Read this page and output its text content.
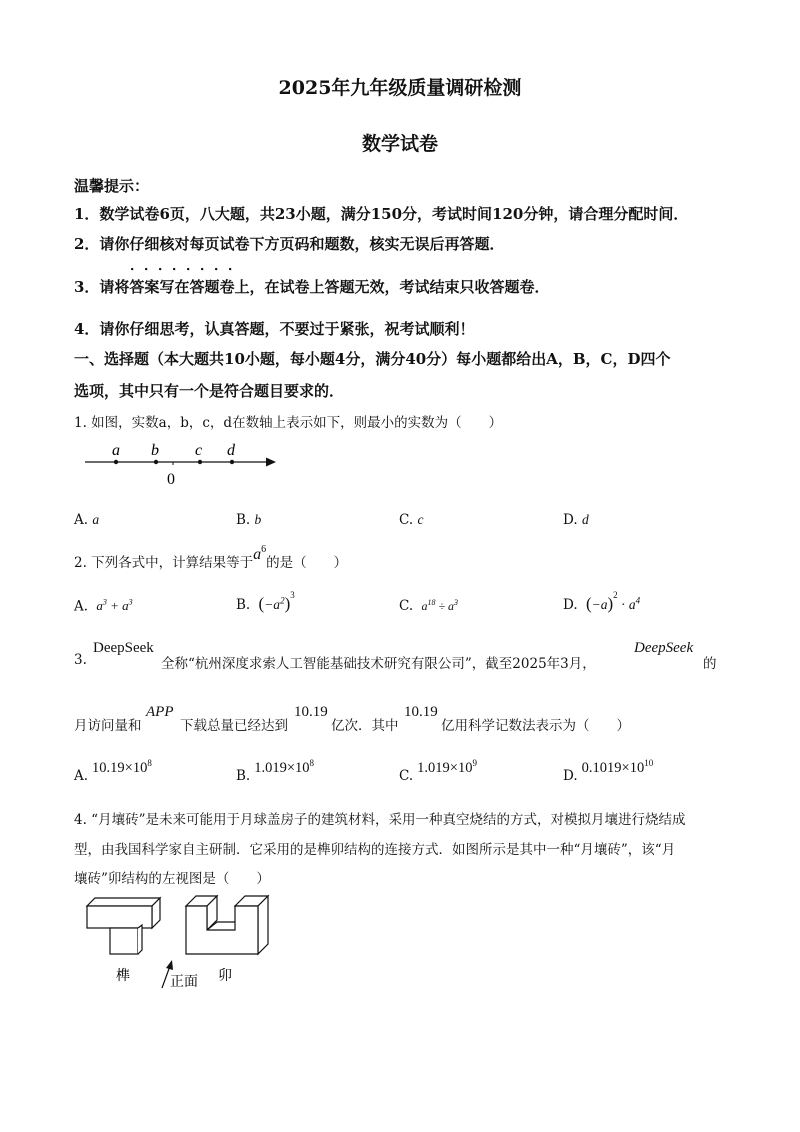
2025年九年级质量调研检测
数学试卷
温馨提示：
1．数学试卷6页，八大题，共23小题，满分150分，考试时间120分钟，请合理分配时间．
2．请你仔细核对每页试卷下方页码和题数，核实无误后再答题．
．．．．．．．．
3．请将答案写在答题卷上，在试卷上答题无效，考试结束只收答题卷．
4．请你仔细思考，认真答题，不要过于紧张，祝考试顺利！
一、选择题（本大题共10小题，每小题4分，满分40分）每小题都给出A，B，C，D四个
选项，其中只有一个是符合题目要求的．
1. 如图，实数a，b，c，d在数轴上表示如下，则最小的实数为（　　）
a b c d
0
A. a	B. b	C. c	D. d
2. 下列各式中，计算结果等于$a^6$的是（　　）
A. $a^3 + a^3$	B. $(-a^2)^3$
C. $a^{18} \div a^3$	D. $(-a)^2 \cdot a^4$
3.
DeepSeek
全称“杭州深度求索人工智能基础技术研究有限公司”，截至2025年3月，
DeepSeek
的
月访问量和
APP
下载总量已经达到
10.19
亿次．其中
10.19
亿用科学记数法表示为（　　）
A. $10.19\times 10^8$
B. $1.019\times 10^8$
C. $1.019\times 10^9$
D. $0.1019\times 10^{10}$
4. “月壤砖”是未来可能用于月球盖房子的建筑材料，采用一种真空烧结的方式，对模拟月壤进行烧结成
型，由我国科学家自主研制．它采用的是榫卯结构的连接方式．如图所示是其中一种“月壤砖”，该“月
壤砖”卯结构的左视图是（　　）
榫	正面 卯
